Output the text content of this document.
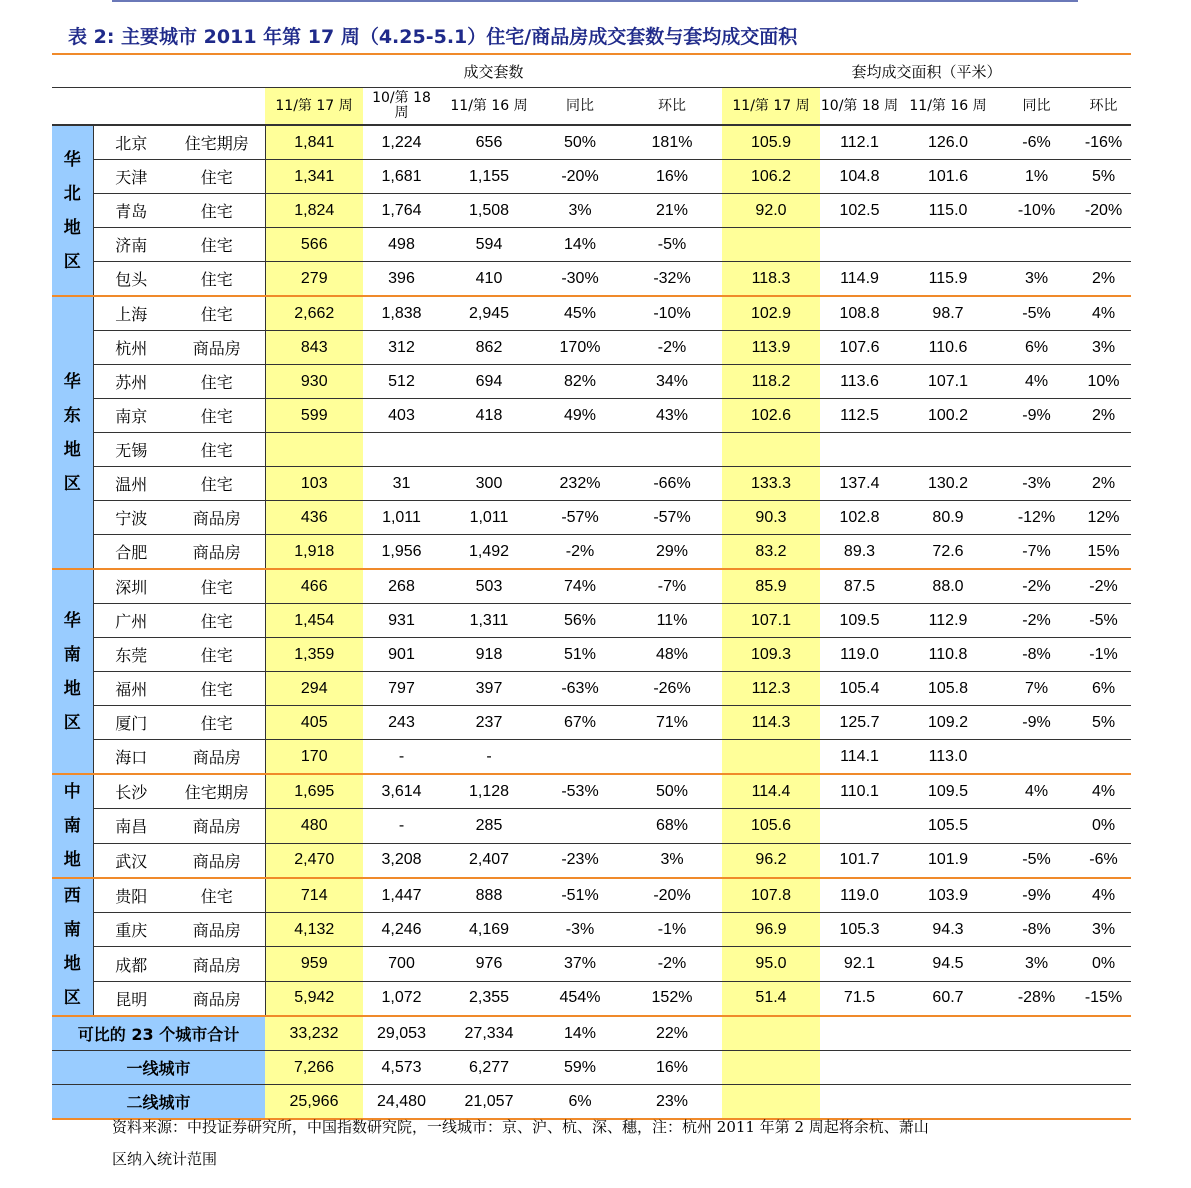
表 2: 主要城市 2011 年第 17 周（4.25-5.1）住宅/商品房成交套数与套均成交面积
			成交套数					套均成交面积（平米）				
			11/第 17 周	10/第 18 周	11/第 16 周	同比	环比	11/第 17 周	10/第 18 周	11/第 16 周	同比	环比
华北地区	北京	住宅期房	1,841	1,224	656	50%	181%	105.9	112.1	126.0	-6%	-16%
	天津	住宅	1,341	1,681	1,155	-20%	16%	106.2	104.8	101.6	1%	5%
	青岛	住宅	1,824	1,764	1,508	3%	21%	92.0	102.5	115.0	-10%	-20%
	济南	住宅	566	498	594	14%	-5%					
	包头	住宅	279	396	410	-30%	-32%	118.3	114.9	115.9	3%	2%
华东地区	上海	住宅	2,662	1,838	2,945	45%	-10%	102.9	108.8	98.7	-5%	4%
	杭州	商品房	843	312	862	170%	-2%	113.9	107.6	110.6	6%	3%
	苏州	住宅	930	512	694	82%	34%	118.2	113.6	107.1	4%	10%
	南京	住宅	599	403	418	49%	43%	102.6	112.5	100.2	-9%	2%
	无锡	住宅										
	温州	住宅	103	31	300	232%	-66%	133.3	137.4	130.2	-3%	2%
	宁波	商品房	436	1,011	1,011	-57%	-57%	90.3	102.8	80.9	-12%	12%
	合肥	商品房	1,918	1,956	1,492	-2%	29%	83.2	89.3	72.6	-7%	15%
华南地区	深圳	住宅	466	268	503	74%	-7%	85.9	87.5	88.0	-2%	-2%
	广州	住宅	1,454	931	1,311	56%	11%	107.1	109.5	112.9	-2%	-5%
	东莞	住宅	1,359	901	918	51%	48%	109.3	119.0	110.8	-8%	-1%
	福州	住宅	294	797	397	-63%	-26%	112.3	105.4	105.8	7%	6%
	厦门	住宅	405	243	237	67%	71%	114.3	125.7	109.2	-9%	5%
	海口	商品房	170	-	-				114.1	113.0		
中南地	长沙	住宅期房	1,695	3,614	1,128	-53%	50%	114.4	110.1	109.5	4%	4%
	南昌	商品房	480	-	285		68%	105.6		105.5		0%
	武汉	商品房	2,470	3,208	2,407	-23%	3%	96.2	101.7	101.9	-5%	-6%
西南地区	贵阳	住宅	714	1,447	888	-51%	-20%	107.8	119.0	103.9	-9%	4%
	重庆	商品房	4,132	4,246	4,169	-3%	-1%	96.9	105.3	94.3	-8%	3%
	成都	商品房	959	700	976	37%	-2%	95.0	92.1	94.5	3%	0%
	昆明	商品房	5,942	1,072	2,355	454%	152%	51.4	71.5	60.7	-28%	-15%
可比的 23 个城市合计			33,232	29,053	27,334	14%	22%					
一线城市			7,266	4,573	6,277	59%	16%					
二线城市			25,966	24,480	21,057	6%	23%					
资料来源：中投证券研究所，中国指数研究院，一线城市：京、沪、杭、深、穗，注：杭州 2011 年第 2 周起将余杭、萧山
区纳入统计范围
